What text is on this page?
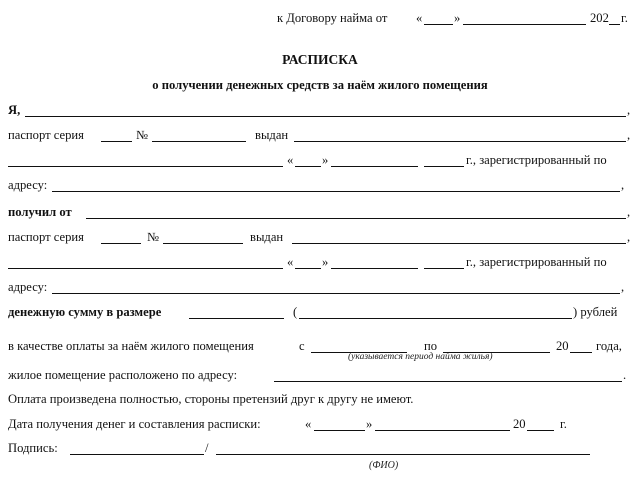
к Договору найма от «	»	202 г.
РАСПИСКА
о получении денежных средств за наём жилого помещения
Я,	,
паспорт серия	№	выдан	,
« »	г., зарегистрированный по
адресу:	,
получил от	,
паспорт серия	№	выдан	,
« »	г., зарегистрированный по
адресу:	,
денежную сумму в размере	(	) рублей
в качестве оплаты за наём жилого помещения	с	по	20 года,
(указывается период найма жилья)
жилое помещение расположено по адресу:	.
Оплата произведена полностью, стороны претензий друг к другу не имеют.
Дата получения денег и составления расписки:	«	»	20	г.
Подпись:	/
(ФИО)
